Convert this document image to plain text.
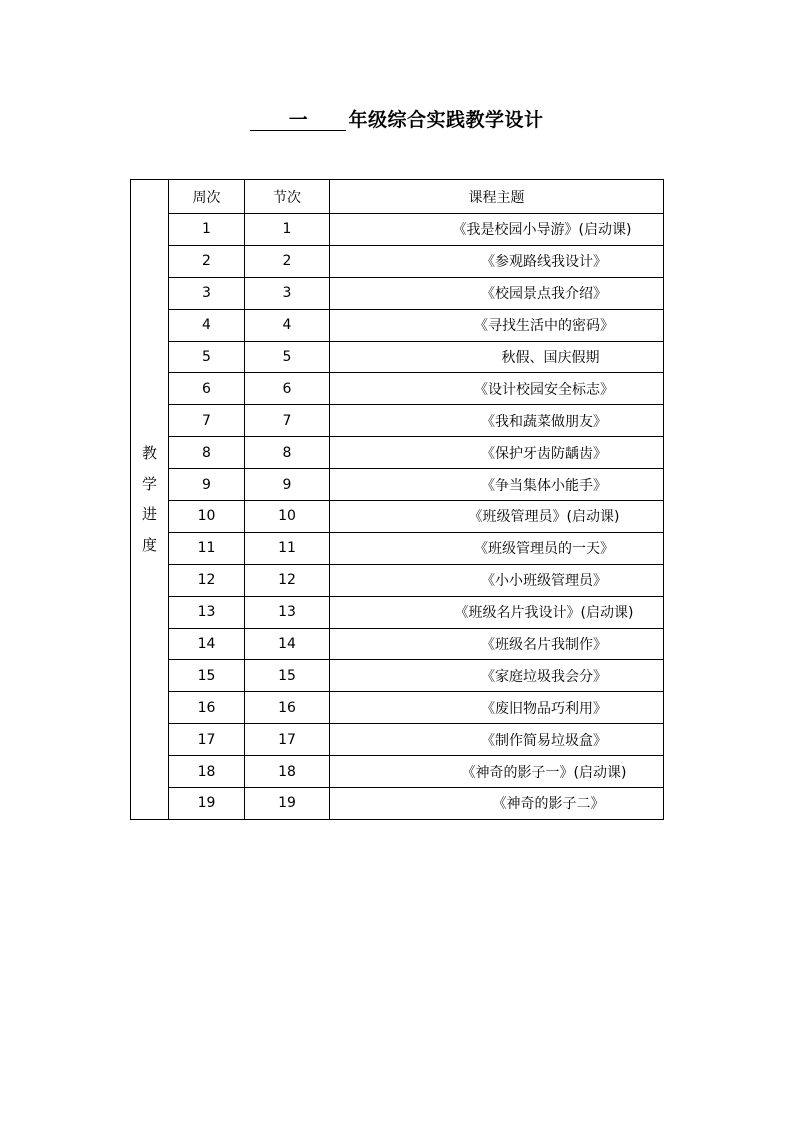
一 年级综合实践教学设计
教
学
进
度	周次	节次	课程主题
	1	1	《我是校园小导游》(启动课)

	2	2	《参观路线我设计》

	3	3	《校园景点我介绍》

	4	4	《寻找生活中的密码》

	5	5	秋假、国庆假期

	6	6	《设计校园安全标志》

	7	7	《我和蔬菜做朋友》

	8	8	《保护牙齿防龋齿》

	9	9	《争当集体小能手》

	10	10	《班级管理员》(启动课)

	11	11	《班级管理员的一天》

	12	12	《小小班级管理员》

	13	13	《班级名片我设计》(启动课)

	14	14	《班级名片我制作》

	15	15	《家庭垃圾我会分》

	16	16	《废旧物品巧利用》

	17	17	《制作简易垃圾盒》

	18	18	《神奇的影子一》(启动课)

	19	19	《神奇的影子二》
